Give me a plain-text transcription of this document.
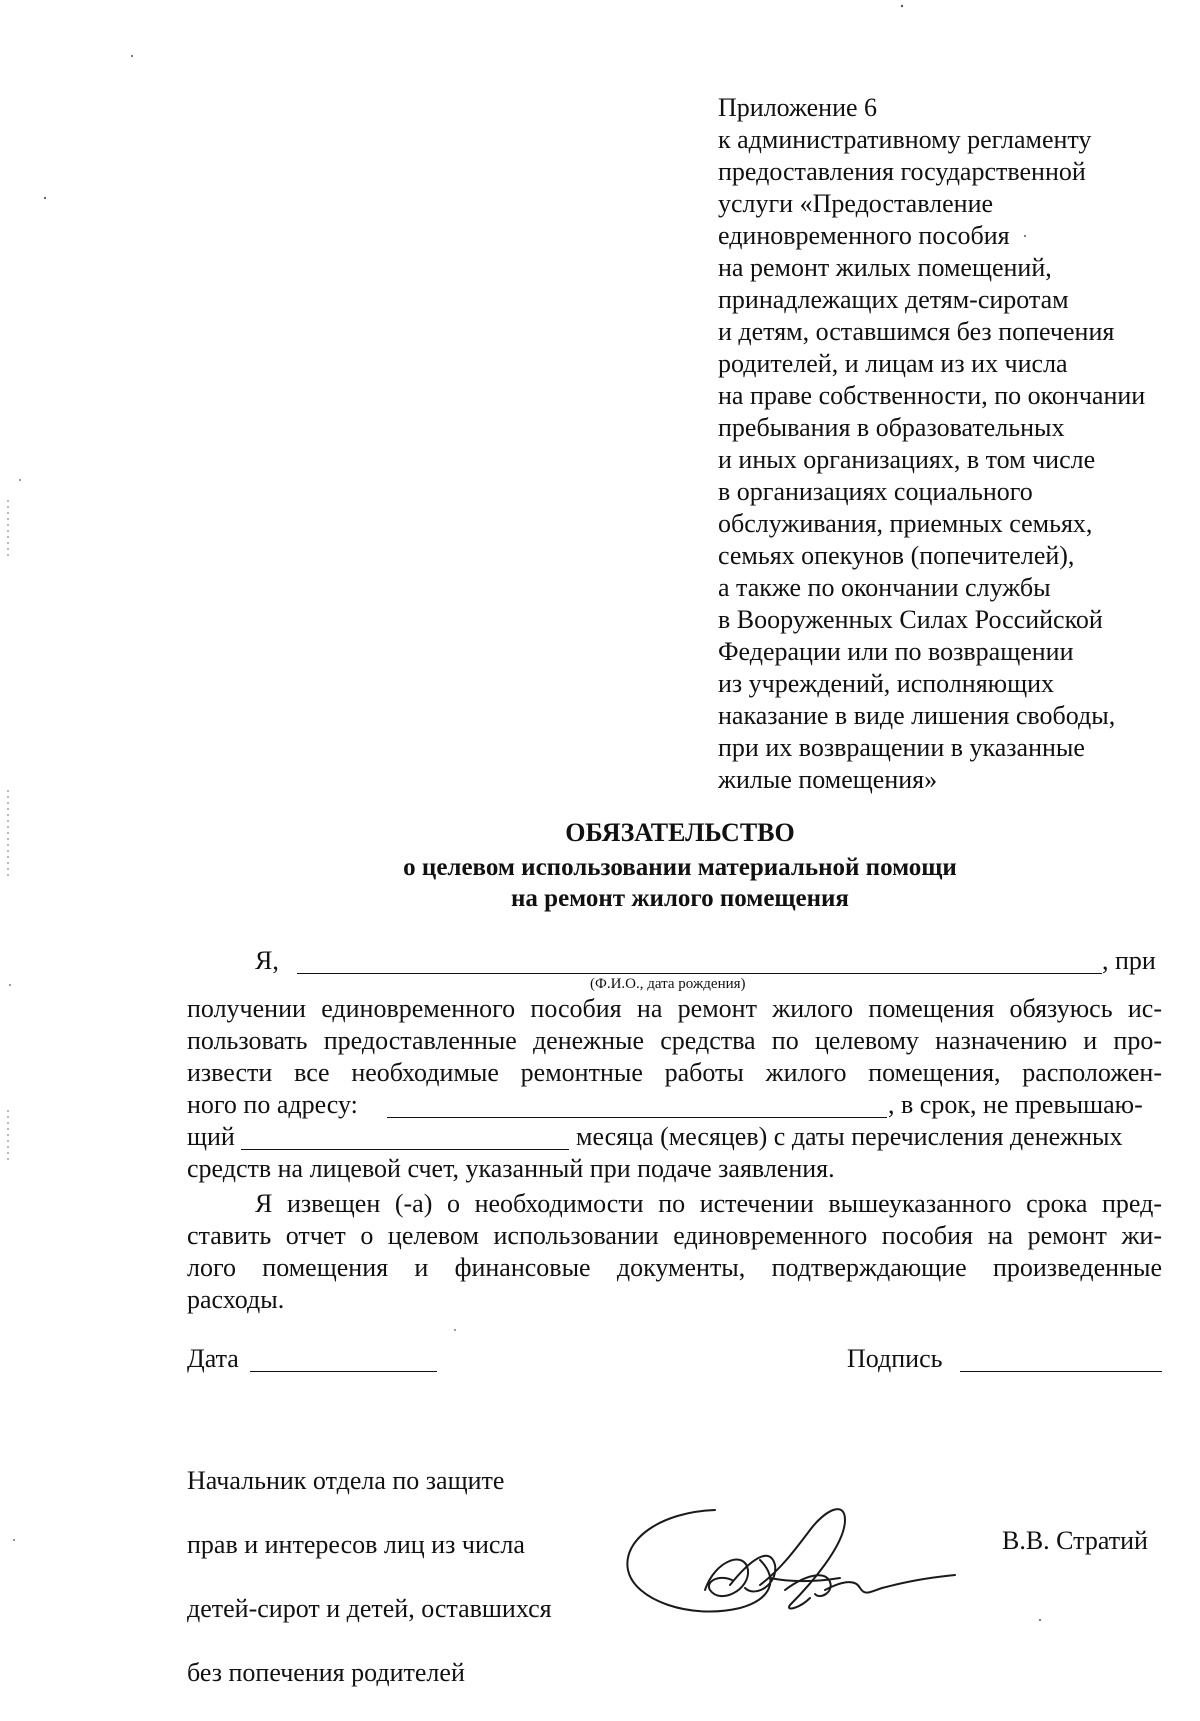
Приложение 6
к административному регламенту
предоставления государственной
услуги «Предоставление
единовременного пособия
на ремонт жилых помещений,
принадлежащих детям-сиротам
и детям, оставшимся без попечения
родителей, и лицам из их числа
на праве собственности, по окончании
пребывания в образовательных
и иных организациях, в том числе
в организациях социального
обслуживания, приемных семьях,
семьях опекунов (попечителей),
а также по окончании службы
в Вооруженных Силах Российской
Федерации или по возвращении
из учреждений, исполняющих
наказание в виде лишения свободы,
при их возвращении в указанные
жилые помещения»
ОБЯЗАТЕЛЬСТВО
о целевом использовании материальной помощи
на ремонт жилого помещения
Я,	, при
(Ф.И.О., дата рождения)
получении единовременного пособия на ремонт жилого помещения обязуюсь ис-
пользовать предоставленные денежные средства по целевому назначению и про-
извести все необходимые ремонтные работы жилого помещения, расположен-
ного по адресу:	, в срок, не превышаю-
щий	месяца (месяцев) с даты перечисления денежных
средств на лицевой счет, указанный при подаче заявления.
Я извещен (-а) о необходимости по истечении вышеуказанного срока пред-
ставить отчет о целевом использовании единовременного пособия на ремонт жи-
лого помещения и финансовые документы, подтверждающие произведенные
расходы.
Дата	Подпись

Начальник отдела по защите

прав и интересов лиц из числа

детей-сирот и детей, оставшихся

без попечения родителей

В.В. Стратий
